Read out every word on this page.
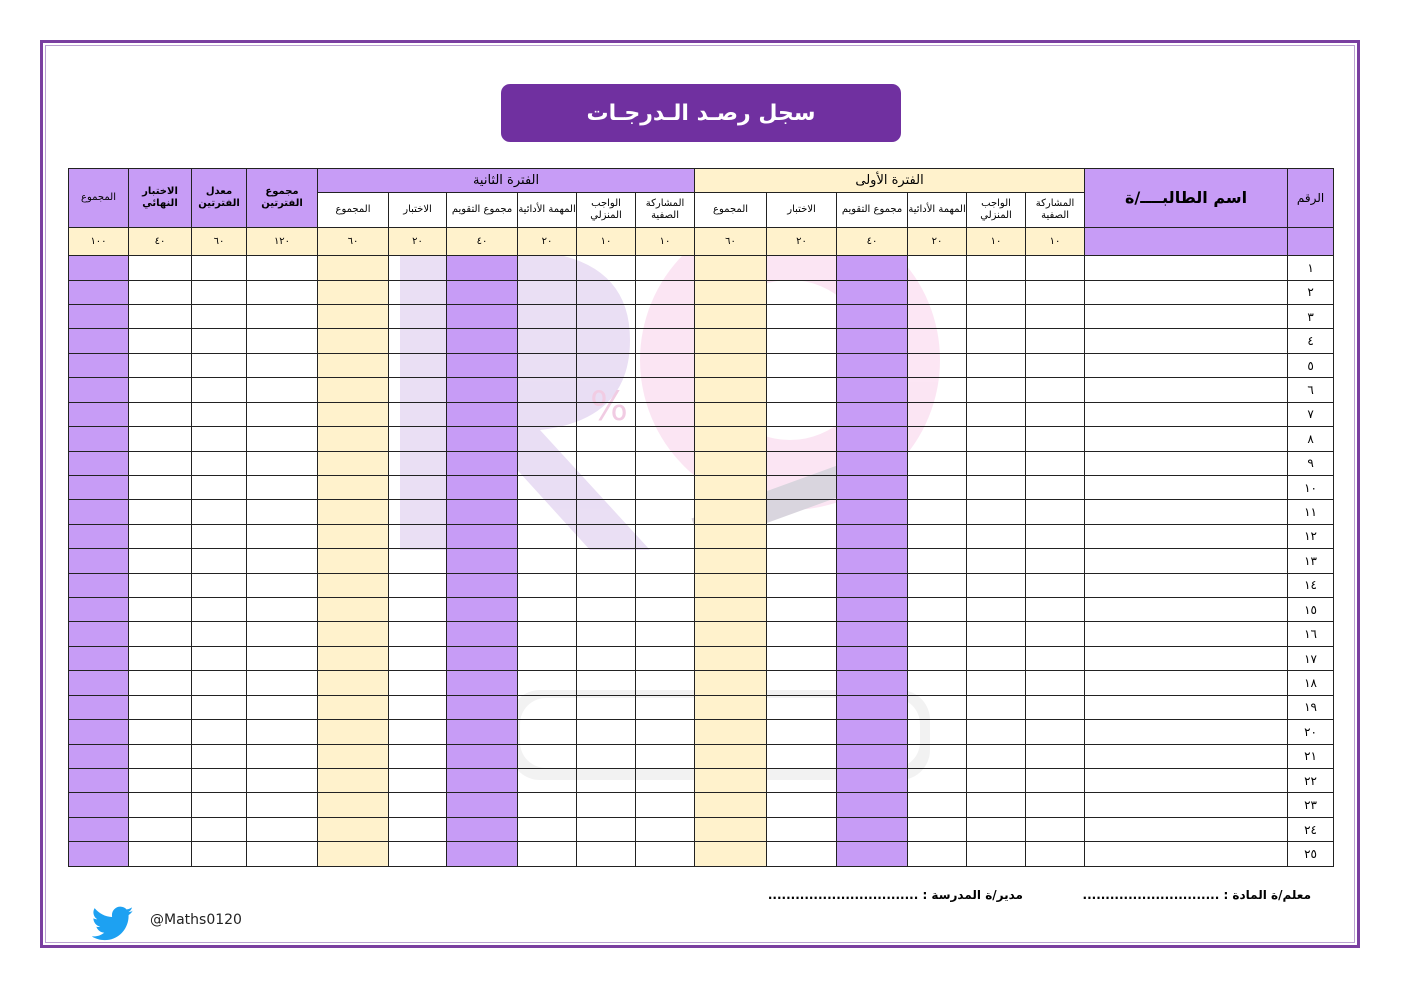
سجل رصـد الـدرجـات
%
الرقم	اسم الطالبــــ/ة	الفترة الأولى						الفترة الثانية						مجموع الفترتين	معدل الفترتين	الاختبار النهائي	المجموع
		المشاركة الصفية	الواجب المنزلي	المهمة الأدائية	مجموع التقويم	الاختبار	المجموع	المشاركة الصفية	الواجب المنزلي	المهمة الأدائية	مجموع التقويم	الاختبار	المجموع				
		١٠	١٠	٢٠	٤٠	٢٠	٦٠	١٠	١٠	٢٠	٤٠	٢٠	٦٠	١٢٠	٦٠	٤٠	١٠٠
١																	
٢																	
٣																	
٤																	
٥																	
٦																	
٧																	
٨																	
٩																	
١٠																	
١١																	
١٢																	
١٣																	
١٤																	
١٥																	
١٦																	
١٧																	
١٨																	
١٩																	
٢٠																	
٢١																	
٢٢																	
٢٣																	
٢٤																	
٢٥																	
معلم/ة المادة : ..............................
مدير/ة المدرسة : .................................
@Maths0120
